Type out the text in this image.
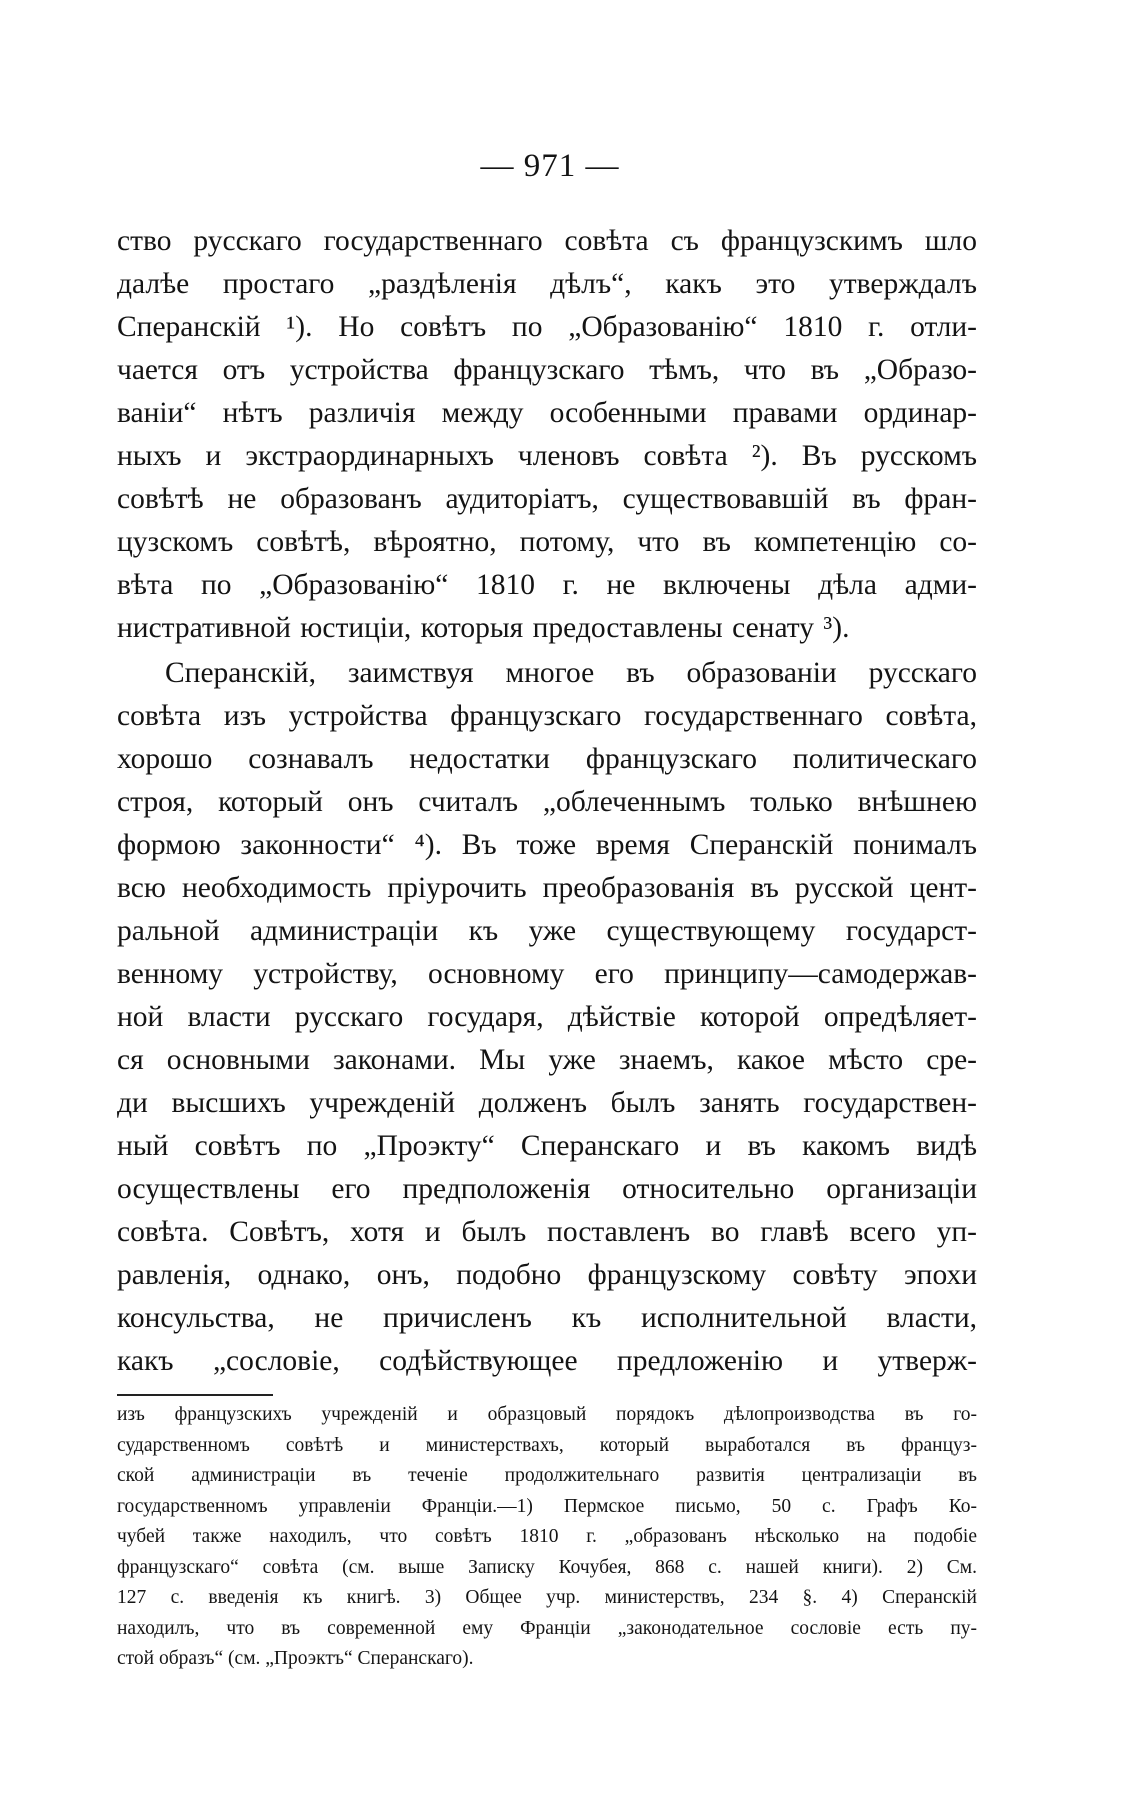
— 971 —
ство русскаго государственнаго совѣта съ французскимъ шло
далѣе простаго „раздѣленія дѣлъ“, какъ это утверждалъ
Сперанскій ¹). Но совѣтъ по „Образованію“ 1810 г. отли-
чается отъ устройства французскаго тѣмъ, что въ „Образо-
ваніи“ нѣтъ различія между особенными правами ординар-
ныхъ и экстраординарныхъ членовъ совѣта ²). Въ русскомъ
совѣтѣ не образованъ аудиторіатъ, существовавшій въ фран-
цузскомъ совѣтѣ, вѣроятно, потому, что въ компетенцію со-
вѣта по „Образованію“ 1810 г. не включены дѣла адми-
нистративной юстиціи, которыя предоставлены сенату ³).
Сперанскій, заимствуя многое въ образованіи русскаго
совѣта изъ устройства французскаго государственнаго совѣта,
хорошо сознавалъ недостатки французскаго политическаго
строя, который онъ считалъ „облеченнымъ только внѣшнею
формою законности“ ⁴). Въ тоже время Сперанскій понималъ
всю необходимость пріурочить преобразованія въ русской цент-
ральной администраціи къ уже существующему государст-
венному устройству, основному его принципу—самодержав-
ной власти русскаго государя, дѣйствіе которой опредѣляет-
ся основными законами. Мы уже знаемъ, какое мѣсто сре-
ди высшихъ учрежденій долженъ былъ занять государствен-
ный совѣтъ по „Проэкту“ Сперанскаго и въ какомъ видѣ
осуществлены его предположенія относительно организаціи
совѣта. Совѣтъ, хотя и былъ поставленъ во главѣ всего уп-
равленія, однако, онъ, подобно французскому совѣту эпохи
консульства, не причисленъ къ исполнительной власти,
какъ „сословіе, содѣйствующее предложенію и утверж-
изъ французскихъ учрежденій и образцовый порядокъ дѣлопроизводства въ го-
сударственномъ совѣтѣ и министерствахъ, который выработался въ француз-
ской администраціи въ теченіе продолжительнаго развитія централизаціи въ
государственномъ управленіи Франціи.—1) Пермское письмо, 50 с. Графъ Ко-
чубей также находилъ, что совѣтъ 1810 г. „образованъ нѣсколько на подобіе
французскаго“ совѣта (см. выше Записку Кочубея, 868 с. нашей книги). 2) См.
127 с. введенія къ книгѣ. 3) Общее учр. министерствъ, 234 §. 4) Сперанскій
находилъ, что въ современной ему Франціи „законодательное сословіе есть пу-
стой образъ“ (см. „Проэктъ“ Сперанскаго).
